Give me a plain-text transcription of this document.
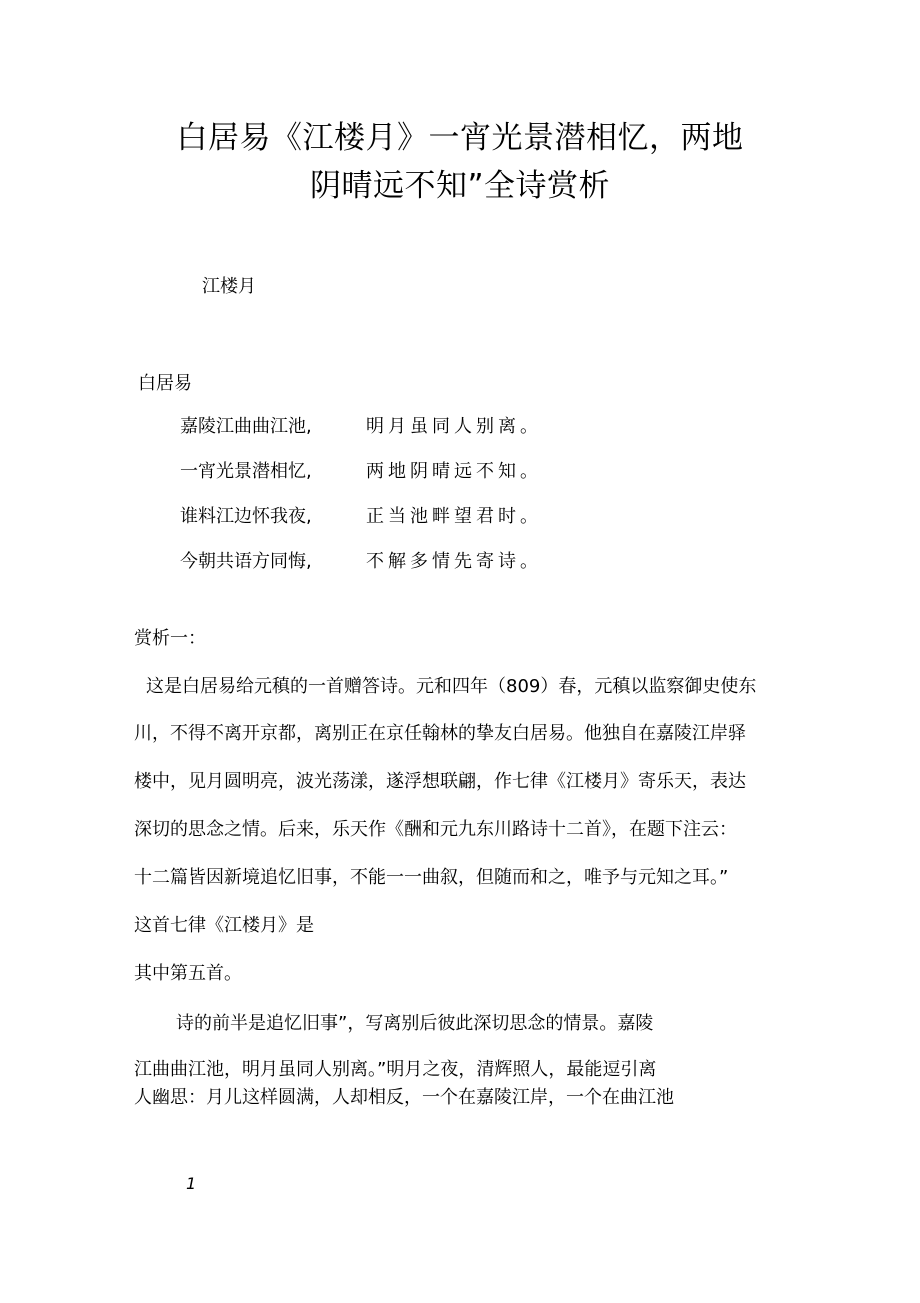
白居易《江楼月》一宵光景潜相忆，两地
阴晴远不知”全诗赏析
江楼月
白居易
嘉陵江曲曲江池,	明月虽同人别离。
一宵光景潜相忆,	两地阴晴远不知。
谁料江边怀我夜,	正当池畔望君时。
今朝共语方同悔,	不解多情先寄诗。
赏析一：
这是白居易给元稹的一首赠答诗。元和四年（809）春，元稹以监察御史使东
川，不得不离开京都，离别正在京任翰林的挚友白居易。他独自在嘉陵江岸驿
楼中，见月圆明亮，波光荡漾，遂浮想联翩，作七律《江楼月》寄乐天，表达
深切的思念之情。后来，乐天作《酬和元九东川路诗十二首》，在题下注云：
十二篇皆因新境追忆旧事，不能一一曲叙，但随而和之，唯予与元知之耳。”
这首七律《江楼月》是
其中第五首。
诗的前半是追忆旧事”，写离别后彼此深切思念的情景。嘉陵
江曲曲江池，明月虽同人别离。”明月之夜，清辉照人，最能逗引离
人幽思：月儿这样圆满，人却相反，一个在嘉陵江岸，一个在曲江池
1
